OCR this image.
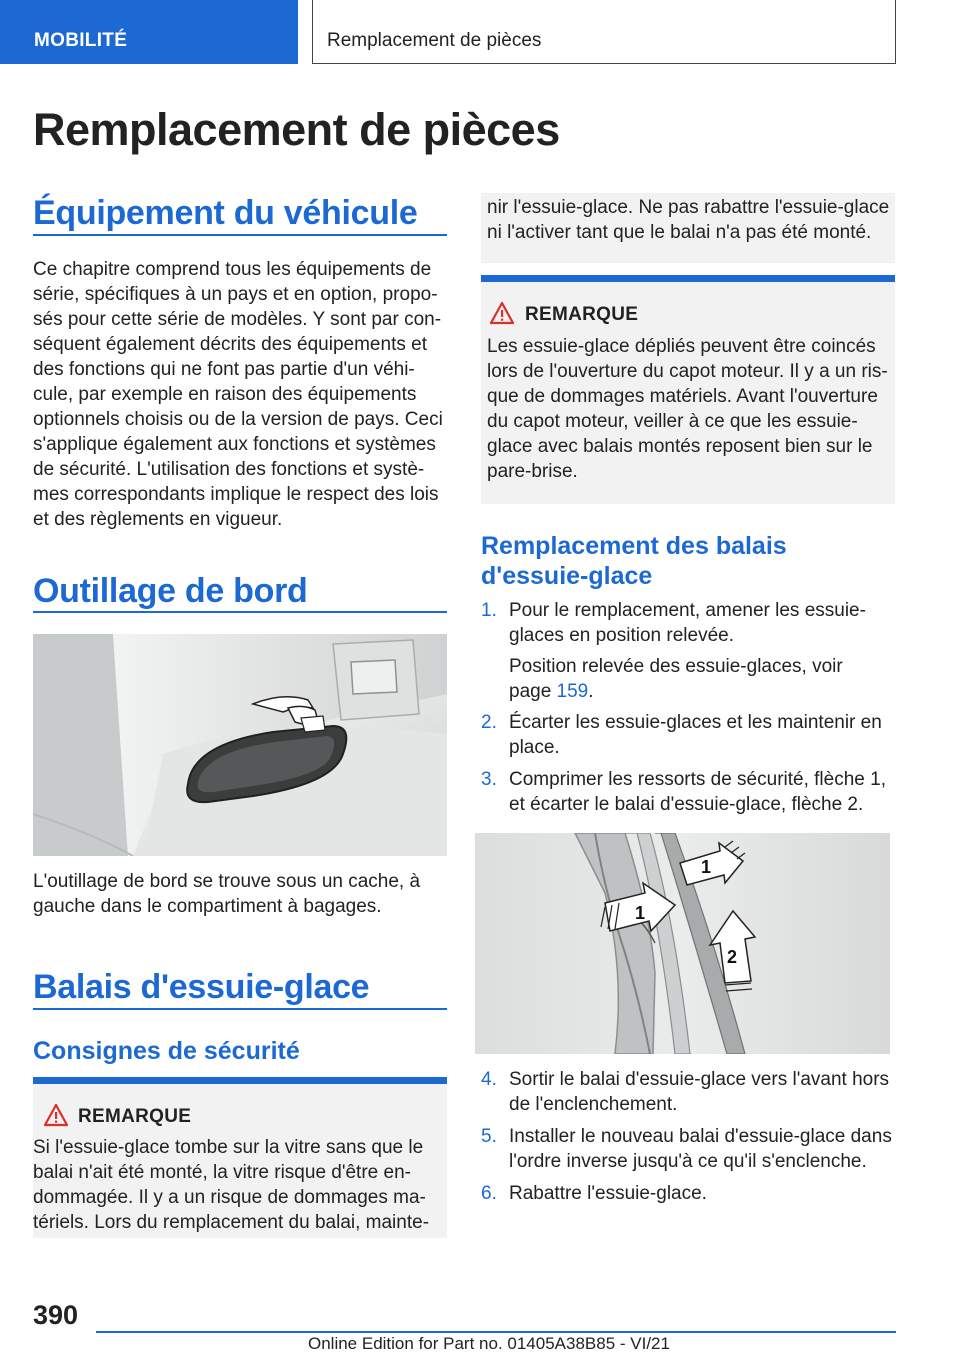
MOBILITÉ	Remplacement de pièces
Remplacement de pièces
Équipement du véhicule
Ce chapitre comprend tous les équipements de
série, spécifiques à un pays et en option, propo-
sés pour cette série de modèles. Y sont par con-
séquent également décrits des équipements et
des fonctions qui ne font pas partie d'un véhi-
cule, par exemple en raison des équipements
optionnels choisis ou de la version de pays. Ceci
s'applique également aux fonctions et systèmes
de sécurité. L'utilisation des fonctions et systè-
mes correspondants implique le respect des lois
et des règlements en vigueur.
Outillage de bord
L'outillage de bord se trouve sous un cache, à
gauche dans le compartiment à bagages.
Balais d'essuie-glace
Consignes de sécurité
REMARQUE
Si l'essuie-glace tombe sur la vitre sans que le
balai n'ait été monté, la vitre risque d'être en-
dommagée. Il y a un risque de dommages ma-
tériels. Lors du remplacement du balai, mainte-
nir l'essuie-glace. Ne pas rabattre l'essuie-glace
ni l'activer tant que le balai n'a pas été monté.
REMARQUE
Les essuie-glace dépliés peuvent être coincés
lors de l'ouverture du capot moteur. Il y a un ris-
que de dommages matériels. Avant l'ouverture
du capot moteur, veiller à ce que les essuie-
glace avec balais montés reposent bien sur le
pare-brise.
Remplacement des balais
d'essuie-glace
1. Pour le remplacement, amener les essuie-
glaces en position relevée.
Position relevée des essuie-glaces, voir
page 159.
2. Écarter les essuie-glaces et les maintenir en
place.
3. Comprimer les ressorts de sécurité, flèche 1,
et écarter le balai d'essuie-glace, flèche 2.
1
1
2
4. Sortir le balai d'essuie-glace vers l'avant hors
de l'enclenchement.
5. Installer le nouveau balai d'essuie-glace dans
l'ordre inverse jusqu'à ce qu'il s'enclenche.
6. Rabattre l'essuie-glace.
390
Online Edition for Part no. 01405A38B85 - VI/21
